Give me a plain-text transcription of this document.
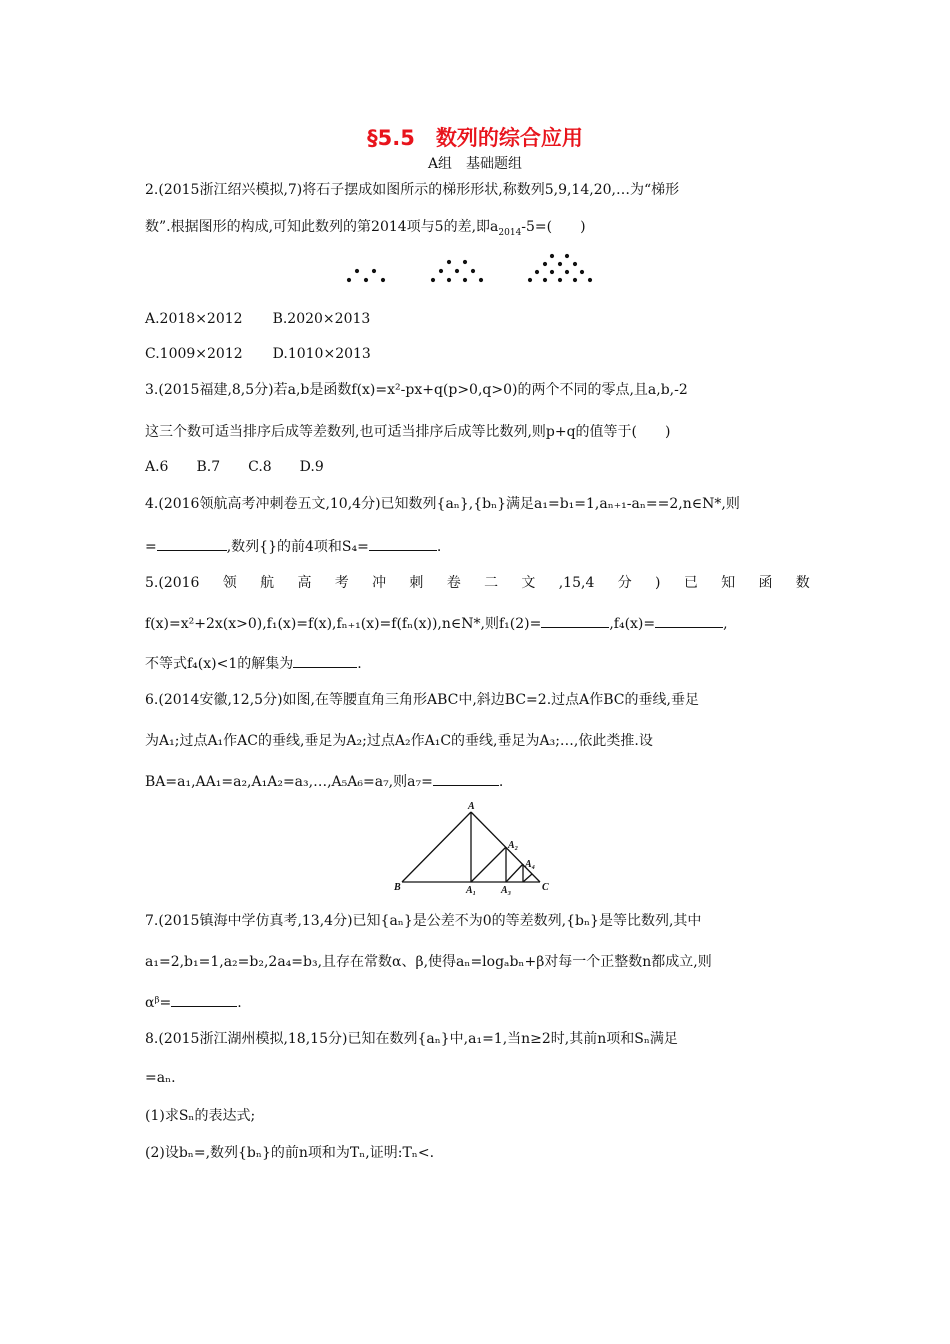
§5.5　数列的综合应用
A组　基础题组
2.(2015浙江绍兴模拟,7)将石子摆成如图所示的梯形形状,称数列5,9,14,20,…为“梯形
数”.根据图形的构成,可知此数列的第2014项与5的差,即$a_{2014}-5=$(　　)
A.2018×2012 B.2020×2013
C.1009×2012 D.1010×2013
3.(2015福建,8,5分)若a,b是函数f(x)=x²-px+q(p>0,q>0)的两个不同的零点,且a,b,-2
这三个数可适当排序后成等差数列,也可适当排序后成等比数列,则p+q的值等于(　　)
A.6　　B.7　　C.8　　D.9
4.(2016领航高考冲刺卷五文,10,4分)已知数列{aₙ},{bₙ}满足a₁=b₁=1,aₙ₊₁-aₙ==2,n∈N*,则
=	,数列{}的前4项和S₄=	.
5.(2016 领 航 高 考 冲 刺 卷 二 文 ,15,4 分 ) 已 知 函 数
f(x)=x²+2x(x>0),f₁(x)=f(x),fₙ₊₁(x)=f(fₙ(x)),n∈N*,则f₁(2)=	,f₄(x)=	,
不等式f₄(x)<1的解集为	.
6.(2014安徽,12,5分)如图,在等腰直角三角形ABC中,斜边BC=2.过点A作BC的垂线,垂足
为A₁;过点A₁作AC的垂线,垂足为A₂;过点A₂作A₁C的垂线,垂足为A₃;…,依此类推.设
BA=a₁,AA₁=a₂,A₁A₂=a₃,…,A₅A₆=a₇,则a₇=	.
A
A₂
A₄
B	A₁ A₃	C
7.(2015镇海中学仿真考,13,4分)已知{aₙ}是公差不为0的等差数列,{bₙ}是等比数列,其中
a₁=2,b₁=1,a₂=b₂,2a₄=b₃,且存在常数α、β,使得aₙ=logₐbₙ+β对每一个正整数n都成立,则
αᵝ=	.
8.(2015浙江湖州模拟,18,15分)已知在数列{aₙ}中,a₁=1,当n≥2时,其前n项和Sₙ满足
=aₙ.
(1)求Sₙ的表达式;
(2)设bₙ=,数列{bₙ}的前n项和为Tₙ,证明:Tₙ<.
